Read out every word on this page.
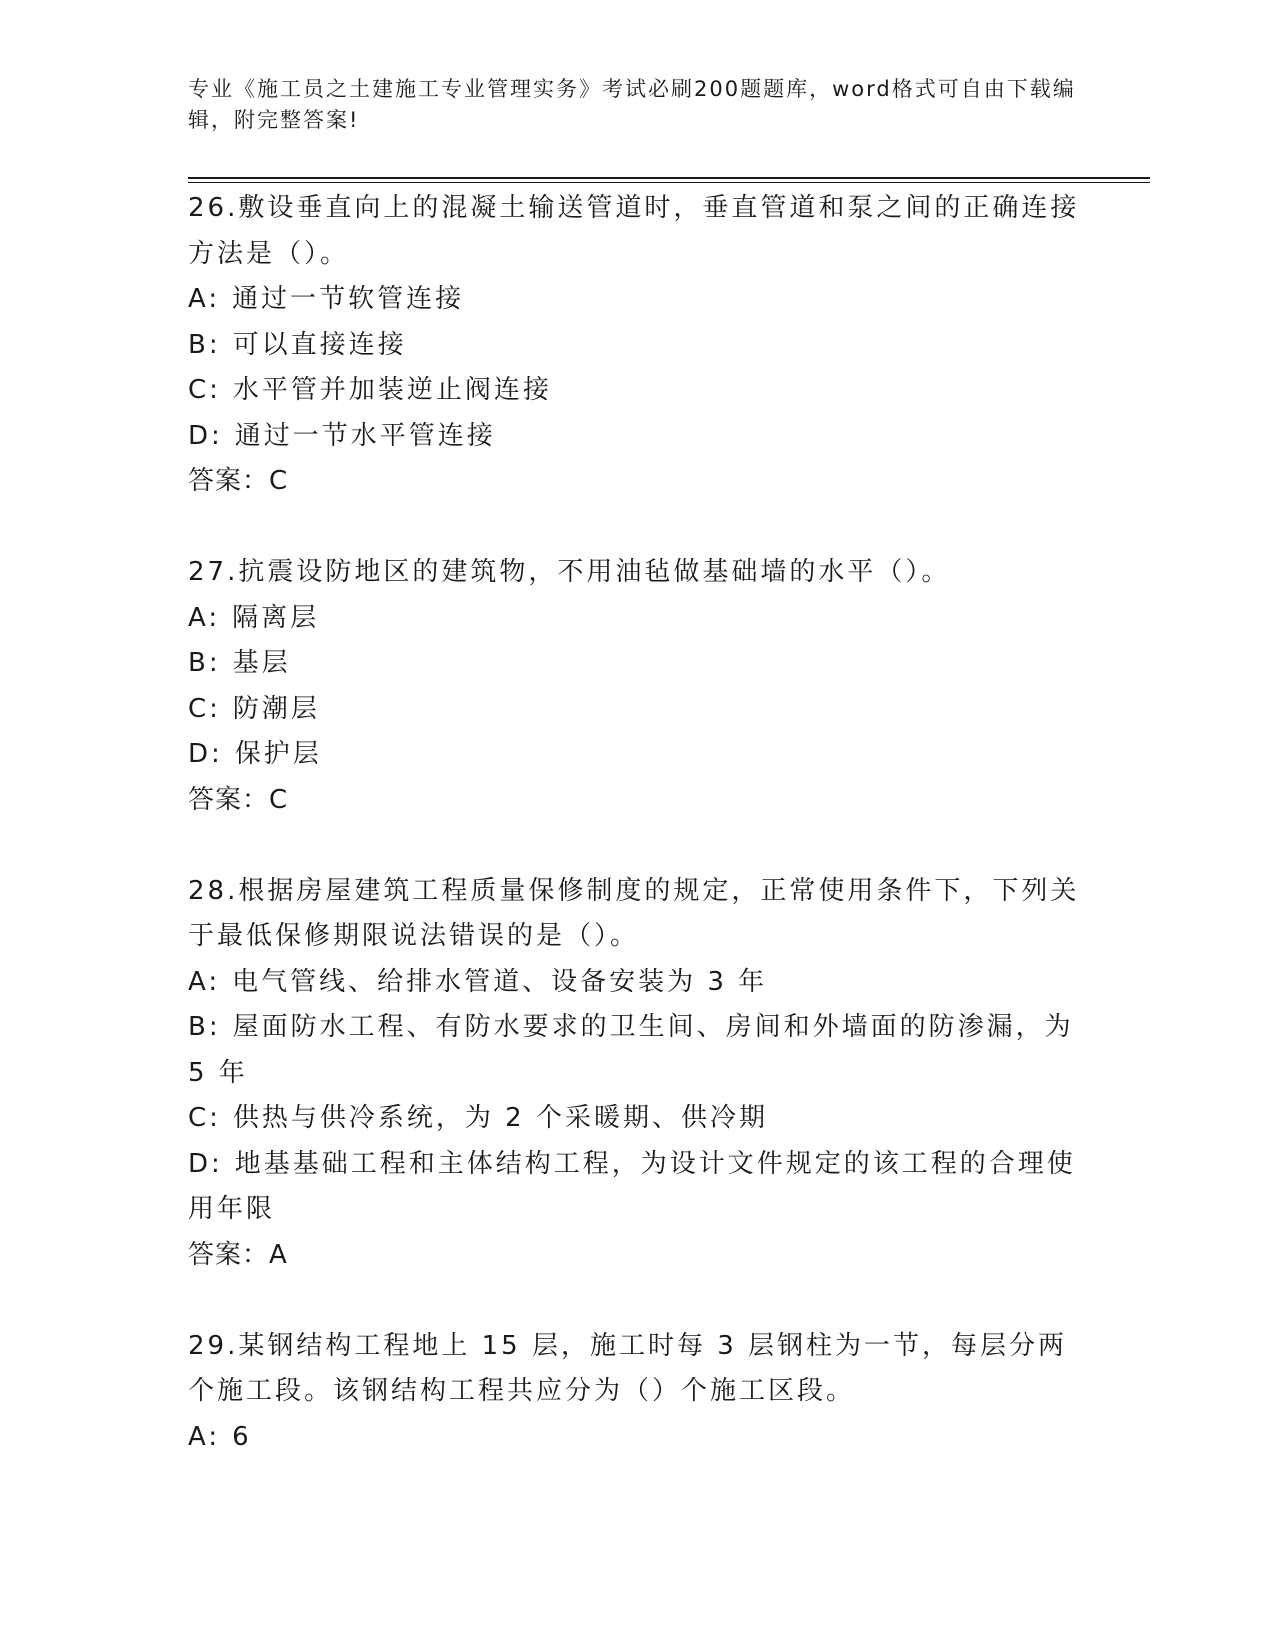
专业《施工员之土建施工专业管理实务》考试必刷200题题库，word格式可自由下载编辑，附完整答案!
26.敷设垂直向上的混凝土输送管道时，垂直管道和泵之间的正确连接方法是（）。
A: 通过一节软管连接
B: 可以直接连接
C: 水平管并加装逆止阀连接
D: 通过一节水平管连接
答案：C
27.抗震设防地区的建筑物，不用油毡做基础墙的水平（）。
A: 隔离层
B: 基层
C: 防潮层
D: 保护层
答案：C
28.根据房屋建筑工程质量保修制度的规定，正常使用条件下，下列关于最低保修期限说法错误的是（）。
A: 电气管线、给排水管道、设备安装为 3 年
B: 屋面防水工程、有防水要求的卫生间、房间和外墙面的防渗漏，为 5 年
C: 供热与供冷系统，为 2 个采暖期、供冷期
D: 地基基础工程和主体结构工程，为设计文件规定的该工程的合理使用年限
答案：A
29.某钢结构工程地上 15 层，施工时每 3 层钢柱为一节，每层分两个施工段。该钢结构工程共应分为（）个施工区段。
A: 6
